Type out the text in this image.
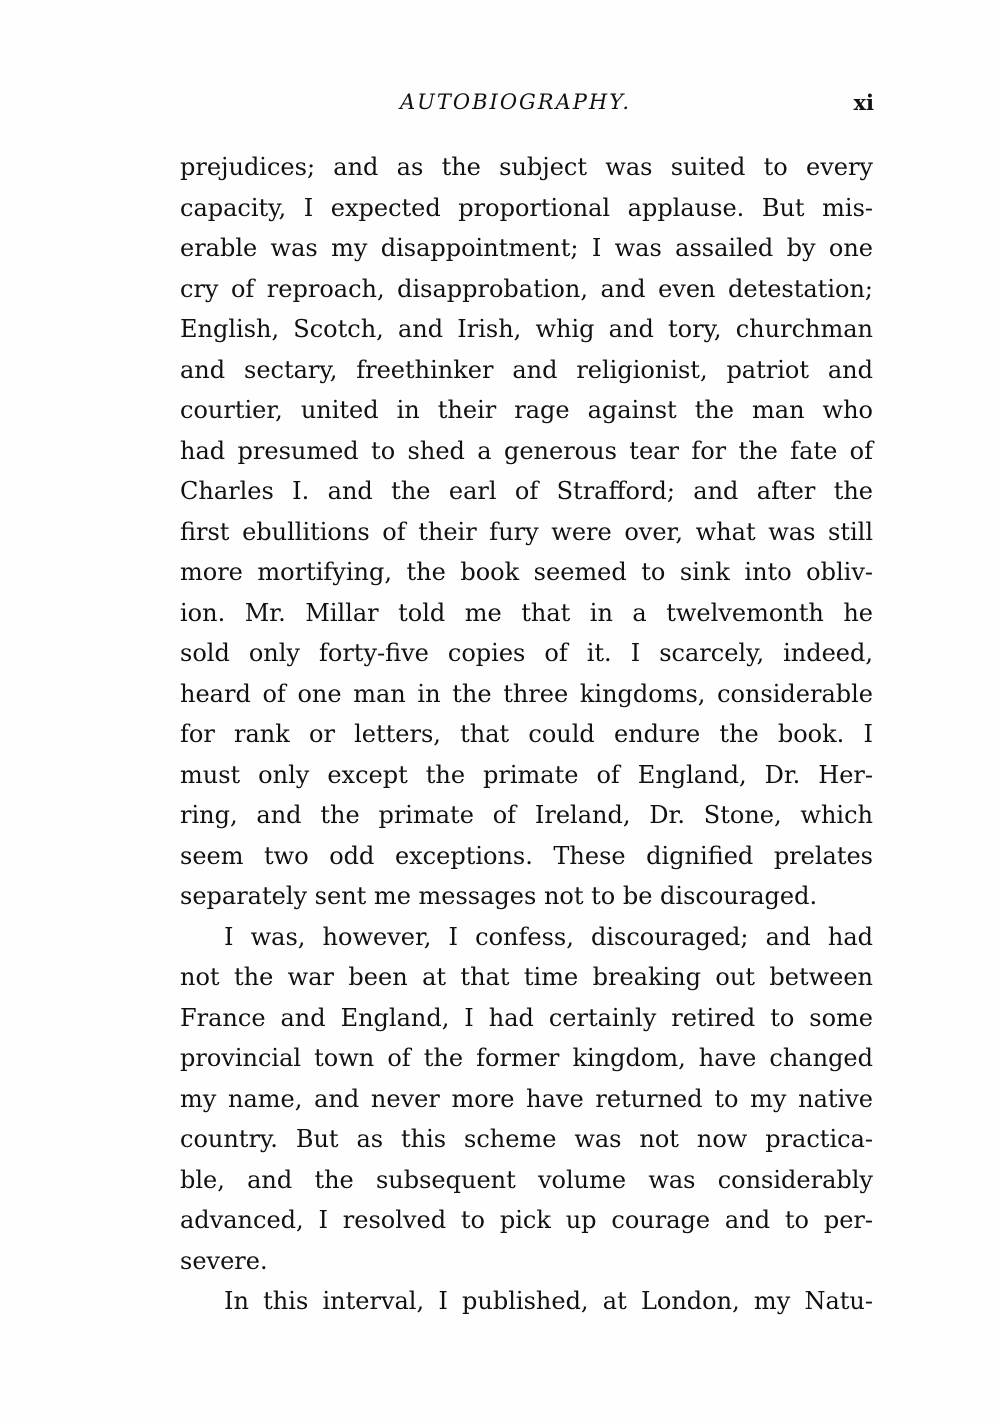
AUTOBIOGRAPHY.	xi
prejudices; and as the subject was suited to every
capacity, I expected proportional applause. But mis-
erable was my disappointment; I was assailed by one
cry of reproach, disapprobation, and even detestation;
English, Scotch, and Irish, whig and tory, churchman
and sectary, freethinker and religionist, patriot and
courtier, united in their rage against the man who
had presumed to shed a generous tear for the fate of
Charles I. and the earl of Strafford; and after the
first ebullitions of their fury were over, what was still
more mortifying, the book seemed to sink into obliv-
ion. Mr. Millar told me that in a twelvemonth he
sold only forty-five copies of it. I scarcely, indeed,
heard of one man in the three kingdoms, considerable
for rank or letters, that could endure the book. I
must only except the primate of England, Dr. Her-
ring, and the primate of Ireland, Dr. Stone, which
seem two odd exceptions. These dignified prelates
separately sent me messages not to be discouraged.
I was, however, I confess, discouraged; and had
not the war been at that time breaking out between
France and England, I had certainly retired to some
provincial town of the former kingdom, have changed
my name, and never more have returned to my native
country. But as this scheme was not now practica-
ble, and the subsequent volume was considerably
advanced, I resolved to pick up courage and to per-
severe.
In this interval, I published, at London, my Natu-
